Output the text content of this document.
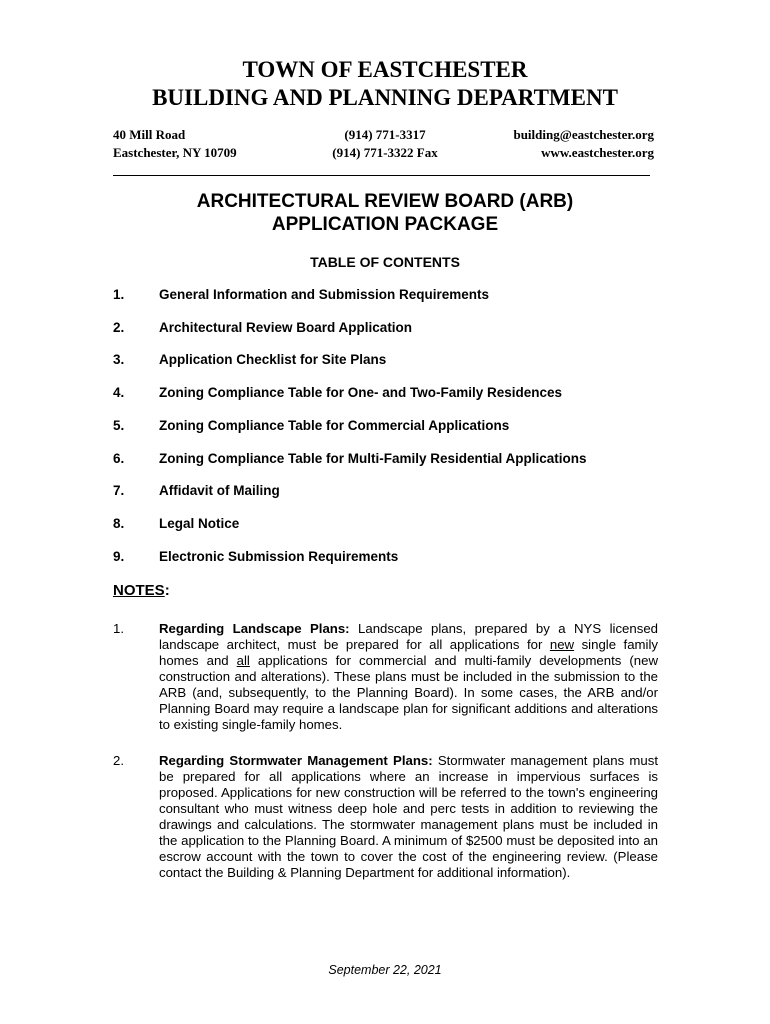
TOWN OF EASTCHESTER
BUILDING AND PLANNING DEPARTMENT
40 Mill Road
Eastchester, NY 10709
(914) 771-3317
(914) 771-3322 Fax
building@eastchester.org
www.eastchester.org
ARCHITECTURAL REVIEW BOARD (ARB)
APPLICATION PACKAGE
TABLE OF CONTENTS
1.	General Information and Submission Requirements
2.	Architectural Review Board Application
3.	Application Checklist for Site Plans
4.	Zoning Compliance Table for One- and Two-Family Residences
5.	Zoning Compliance Table for Commercial Applications
6.	Zoning Compliance Table for Multi-Family Residential Applications
7.	Affidavit of Mailing
8.	Legal Notice
9.	Electronic Submission Requirements
NOTES:
1.	Regarding Landscape Plans: Landscape plans, prepared by a NYS licensed landscape architect, must be prepared for all applications for new single family homes and all applications for commercial and multi-family developments (new construction and alterations). These plans must be included in the submission to the ARB (and, subsequently, to the Planning Board). In some cases, the ARB and/or Planning Board may require a landscape plan for significant additions and alterations to existing single-family homes.
2.	Regarding Stormwater Management Plans: Stormwater management plans must be prepared for all applications where an increase in impervious surfaces is proposed. Applications for new construction will be referred to the town's engineering consultant who must witness deep hole and perc tests in addition to reviewing the drawings and calculations. The stormwater management plans must be included in the application to the Planning Board. A minimum of $2500 must be deposited into an escrow account with the town to cover the cost of the engineering review. (Please contact the Building & Planning Department for additional information).
September 22, 2021
